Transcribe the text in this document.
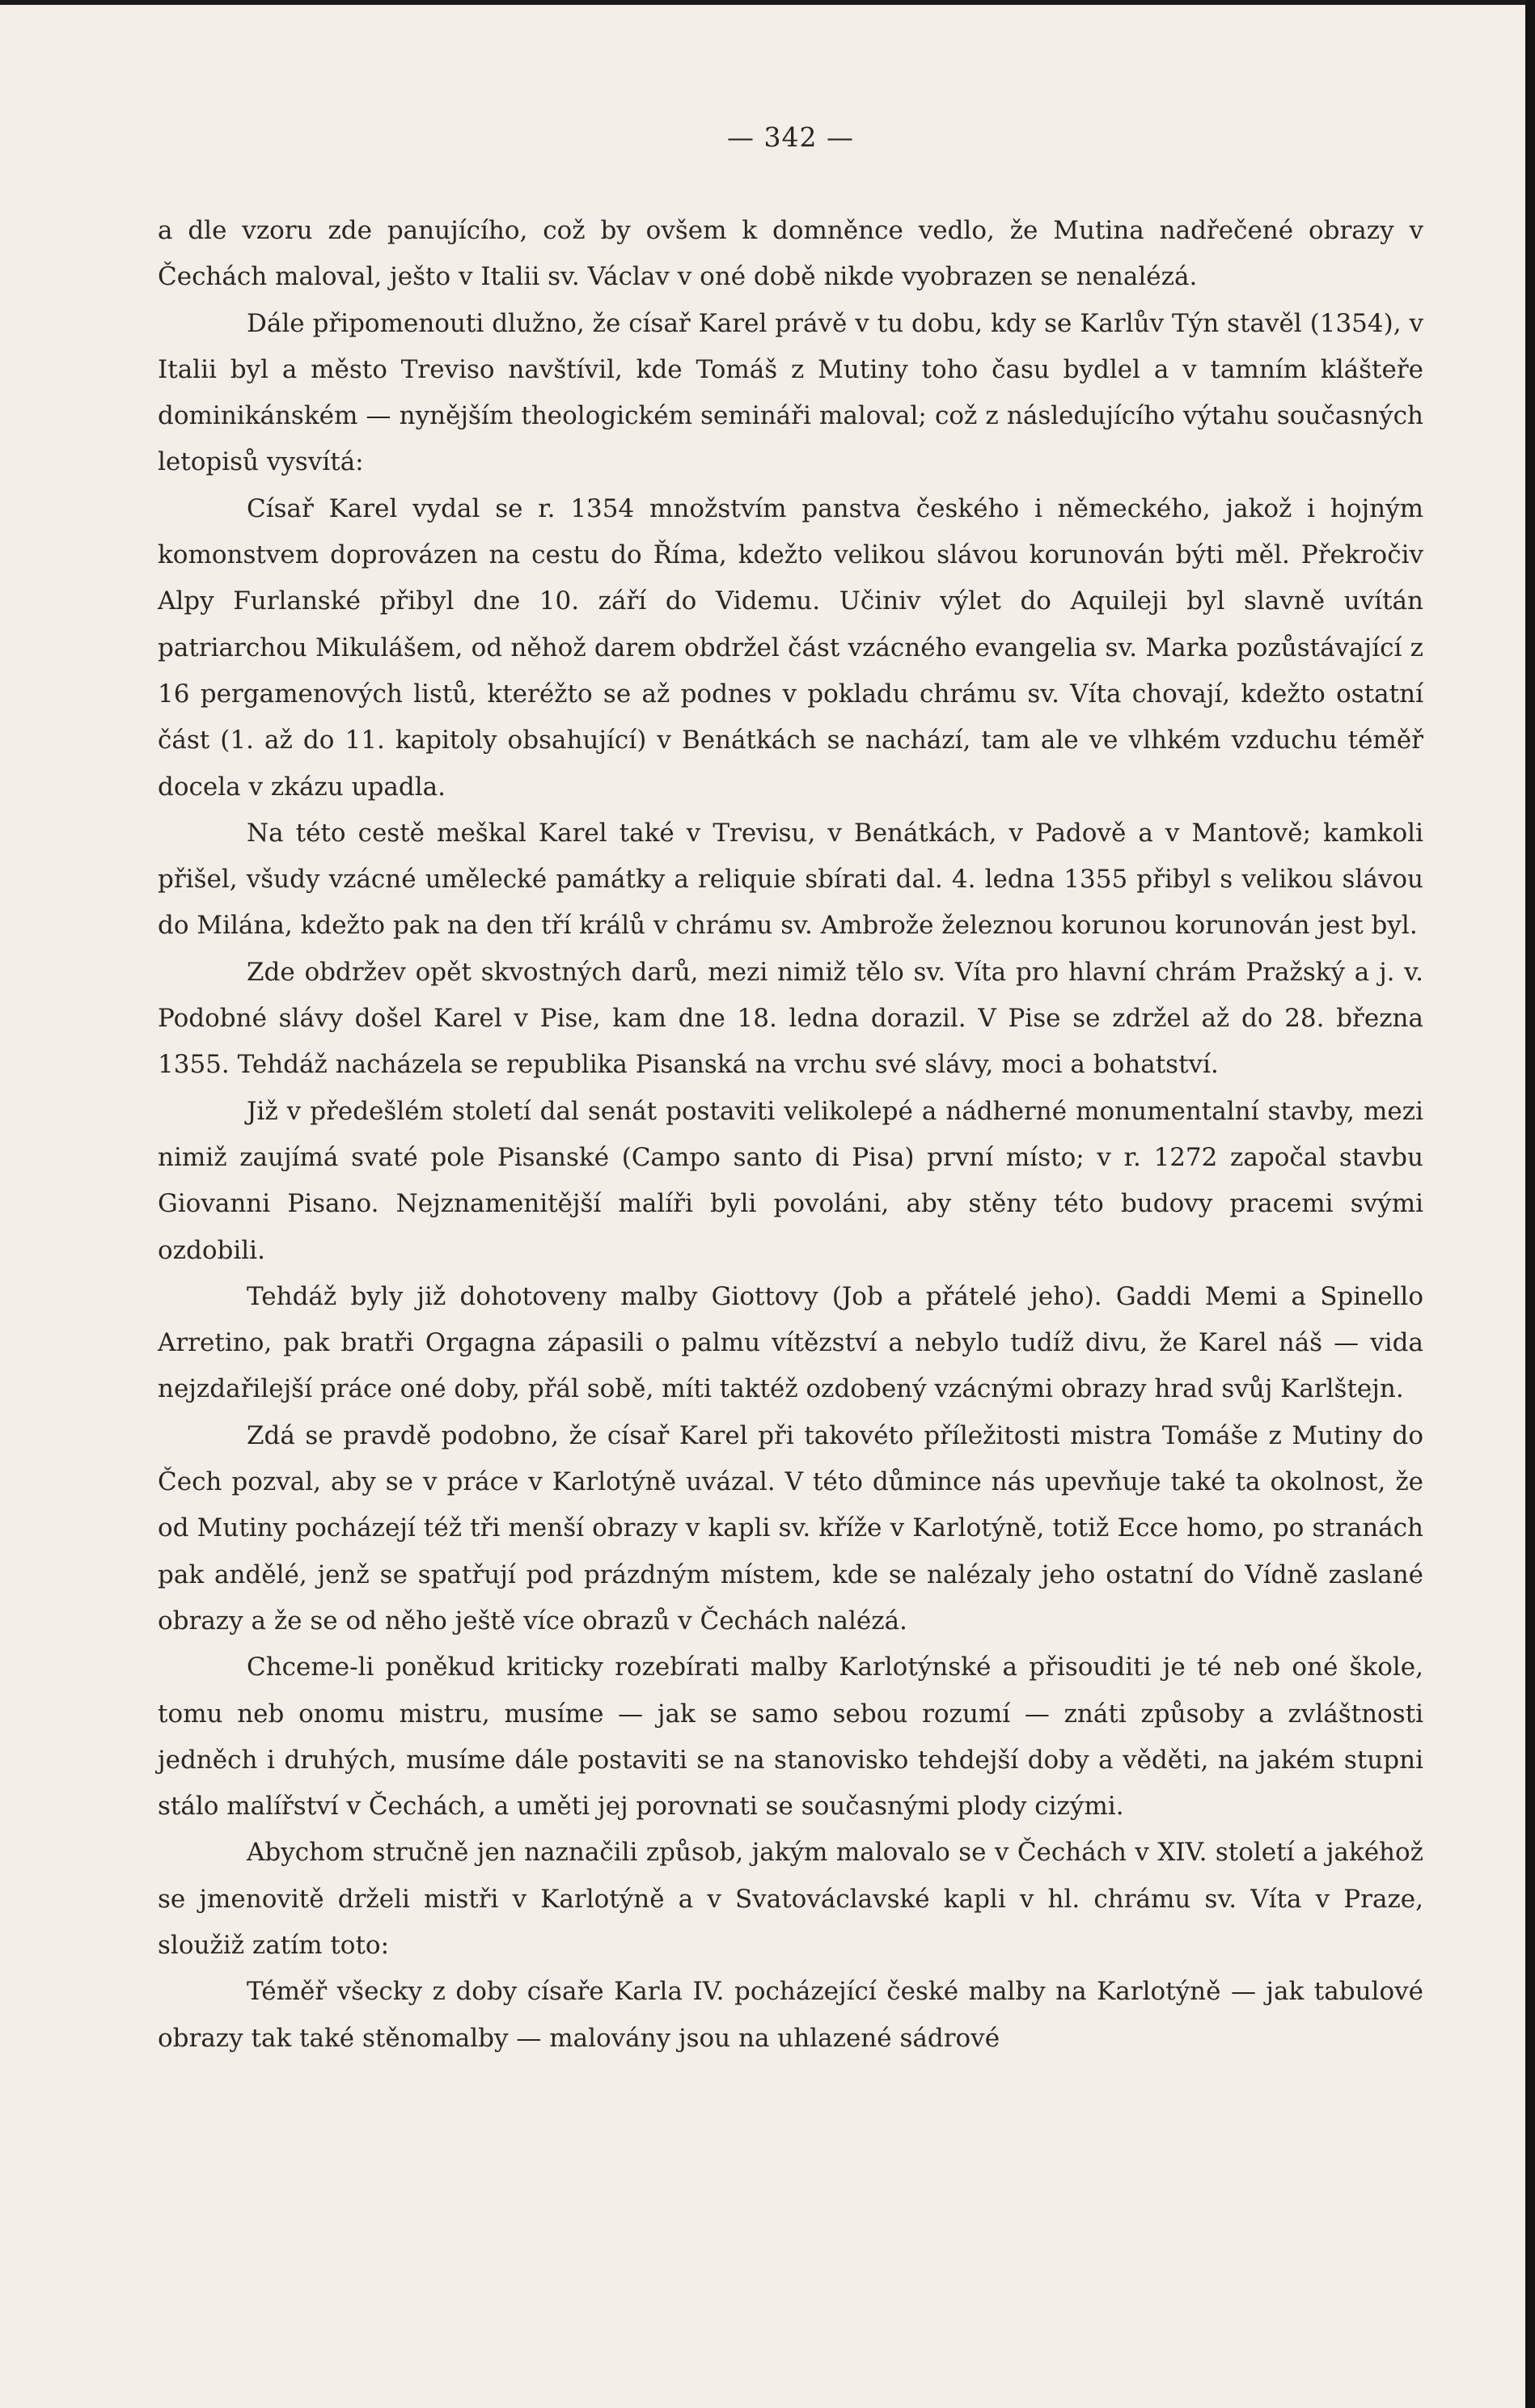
— 342 —

a dle vzoru zde panujícího, což by ovšem k domněnce vedlo, že Mutina nadřečené obrazy v Čechách maloval, ješto v Italii sv. Václav v oné době nikde vyobrazen se nenalézá.

Dále připomenouti dlužno, že císař Karel právě v tu dobu, kdy se Karlův Týn stavěl (1354), v Italii byl a město Treviso navštívil, kde Tomáš z Mutiny toho času bydlel a v tamním klášteře dominikánském — nynějším theologickém semináři maloval; což z následujícího výtahu současných letopisů vysvítá:

Císař Karel vydal se r. 1354 množstvím panstva českého i německého, jakož i hojným komonstvem doprovázen na cestu do Říma, kdežto velikou slávou korunován býti měl. Překročiv Alpy Furlanské přibyl dne 10. září do Videmu. Učiniv výlet do Aquileji byl slavně uvítán patriarchou Mikulášem, od něhož darem obdržel část vzácného evangelia sv. Marka pozůstávající z 16 pergamenových listů, kteréžto se až podnes v pokladu chrámu sv. Víta chovají, kdežto ostatní část (1. až do 11. kapitoly obsahující) v Benátkách se nachází, tam ale ve vlhkém vzduchu téměř docela v zkázu upadla.

Na této cestě meškal Karel také v Trevisu, v Benátkách, v Padově a v Mantově; kamkoli přišel, všudy vzácné umělecké památky a reliquie sbírati dal. 4. ledna 1355 přibyl s velikou slávou do Milána, kdežto pak na den tří králů v chrámu sv. Ambrože železnou korunou korunován jest byl.

Zde obdržev opět skvostných darů, mezi nimiž tělo sv. Víta pro hlavní chrám Pražský a j. v. Podobné slávy došel Karel v Pise, kam dne 18. ledna dorazil. V Pise se zdržel až do 28. března 1355. Tehdáž nacházela se republika Pisanská na vrchu své slávy, moci a bohatství.

Již v předešlém století dal senát postaviti velikolepé a nádherné monumentalní stavby, mezi nimiž zaujímá svaté pole Pisanské (Campo santo di Pisa) první místo; v r. 1272 započal stavbu Giovanni Pisano. Nejznamenitější malíři byli povoláni, aby stěny této budovy pracemi svými ozdobili.

Tehdáž byly již dohotoveny malby Giottovy (Job a přátelé jeho). Gaddi Memi a Spinello Arretino, pak bratři Orgagna zápasili o palmu vítězství a nebylo tudíž divu, že Karel náš — vida nejzdařilejší práce oné doby, přál sobě, míti taktéž ozdobený vzácnými obrazy hrad svůj Karlštejn.

Zdá se pravdě podobno, že císař Karel při takovéto příležitosti mistra Tomáše z Mutiny do Čech pozval, aby se v práce v Karlotýně uvázal. V této důmince nás upevňuje také ta okolnost, že od Mutiny pocházejí též tři menší obrazy v kapli sv. kříže v Karlotýně, totiž Ecce homo, po stranách pak andělé, jenž se spatřují pod prázdným místem, kde se nalézaly jeho ostatní do Vídně zaslané obrazy a že se od něho ještě více obrazů v Čechách nalézá.

Chceme-li poněkud kriticky rozebírati malby Karlotýnské a přisouditi je té neb oné škole, tomu neb onomu mistru, musíme — jak se samo sebou rozumí — znáti způsoby a zvláštnosti jedněch i druhých, musíme dále postaviti se na stanovisko tehdejší doby a věděti, na jakém stupni stálo malířství v Čechách, a uměti jej porovnati se současnými plody cizými.

Abychom stručně jen naznačili způsob, jakým malovalo se v Čechách v XIV. století a jakéhož se jmenovitě drželi mistři v Karlotýně a v Svatováclavské kapli v hl. chrámu sv. Víta v Praze, sloužiž zatím toto:

Téměř všecky z doby císaře Karla IV. pocházející české malby na Karlotýně — jak tabulové obrazy tak také stěnomalby — malovány jsou na uhlazené sádrové
